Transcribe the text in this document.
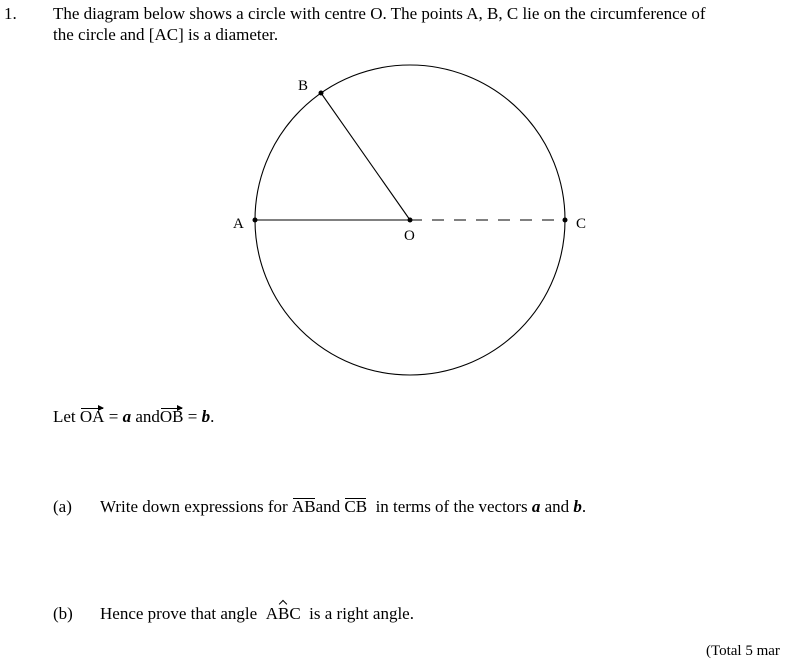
1. The diagram below shows a circle with centre O. The points A, B, C lie on the circumference of
the circle and [AC] is a diameter.
A
B
C
O
Let OA = a andOB = b.
(a) Write down expressions for ABand CB in terms of the vectors a and b.
(b) Hence prove that angle ABC is a right angle.
(Total 5 mar
